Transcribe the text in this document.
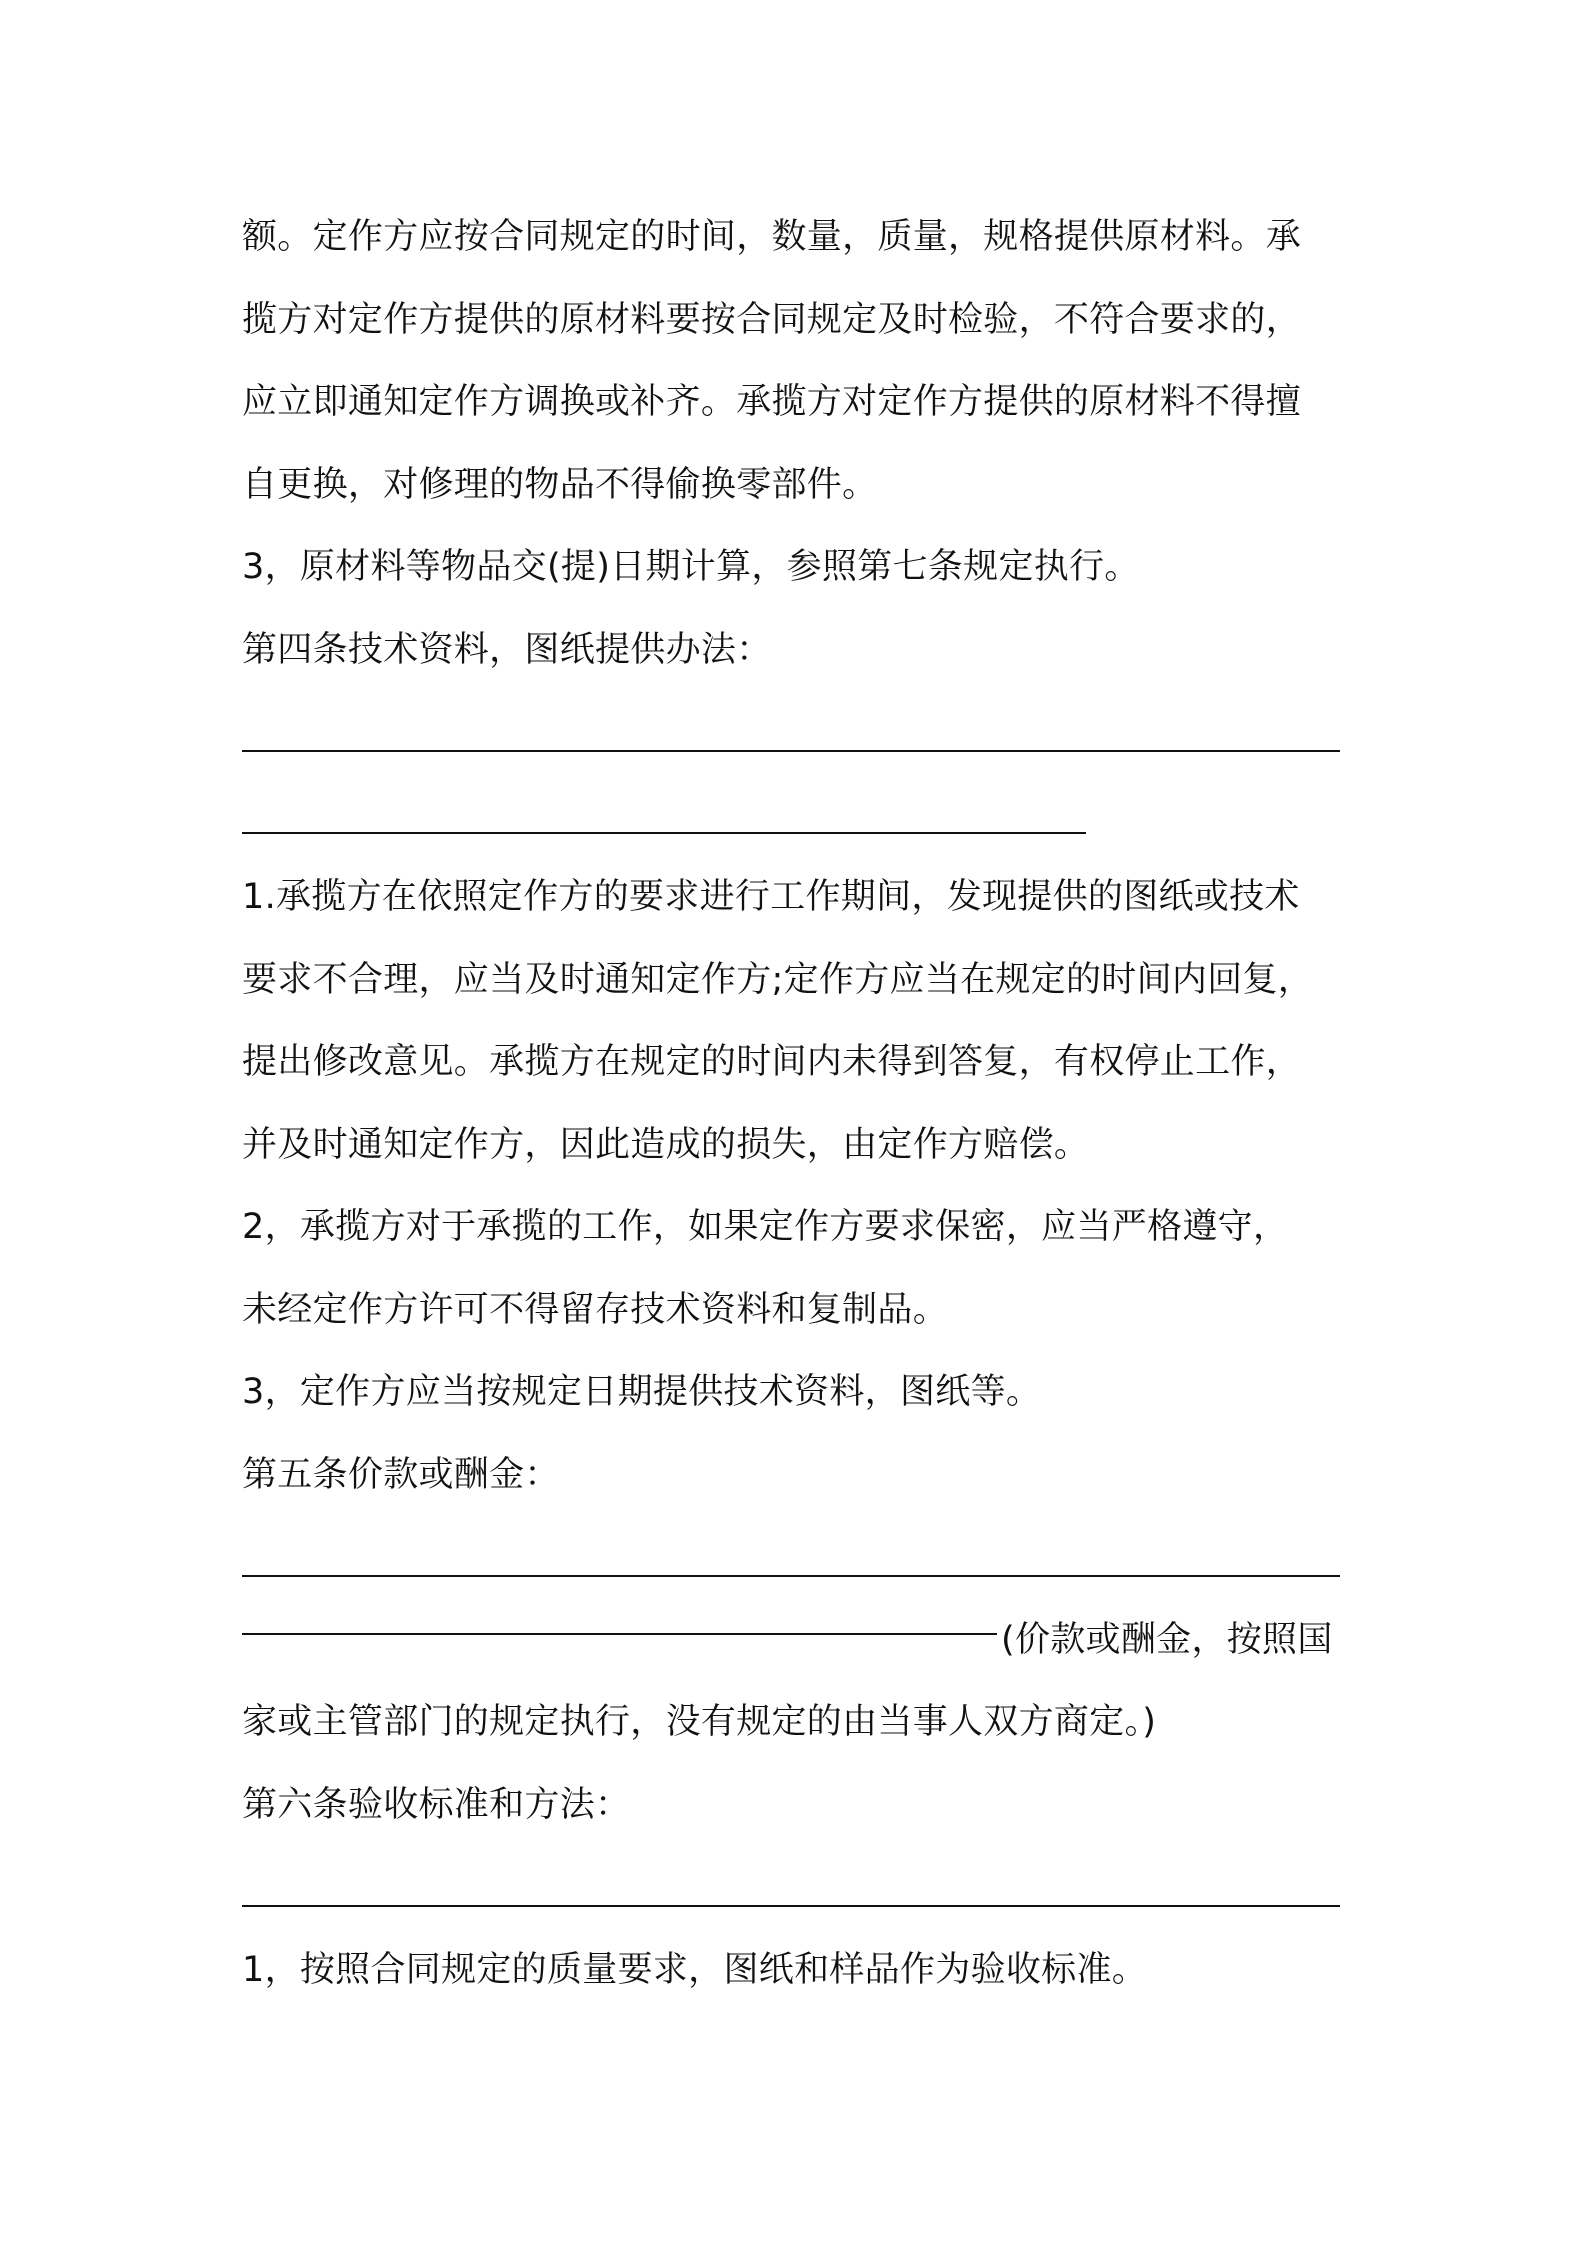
额。定作方应按合同规定的时间，数量，质量，规格提供原材料。承
揽方对定作方提供的原材料要按合同规定及时检验，不符合要求的，
应立即通知定作方调换或补齐。承揽方对定作方提供的原材料不得擅
自更换，对修理的物品不得偷换零部件。
3，原材料等物品交(提)日期计算，参照第七条规定执行。
第四条技术资料，图纸提供办法：
1.承揽方在依照定作方的要求进行工作期间，发现提供的图纸或技术
要求不合理，应当及时通知定作方;定作方应当在规定的时间内回复，
提出修改意见。承揽方在规定的时间内未得到答复，有权停止工作，
并及时通知定作方，因此造成的损失，由定作方赔偿。
2，承揽方对于承揽的工作，如果定作方要求保密，应当严格遵守，
未经定作方许可不得留存技术资料和复制品。
3，定作方应当按规定日期提供技术资料，图纸等。
第五条价款或酬金：
(价款或酬金，按照国
家或主管部门的规定执行，没有规定的由当事人双方商定。)
第六条验收标准和方法：
1，按照合同规定的质量要求，图纸和样品作为验收标准。
